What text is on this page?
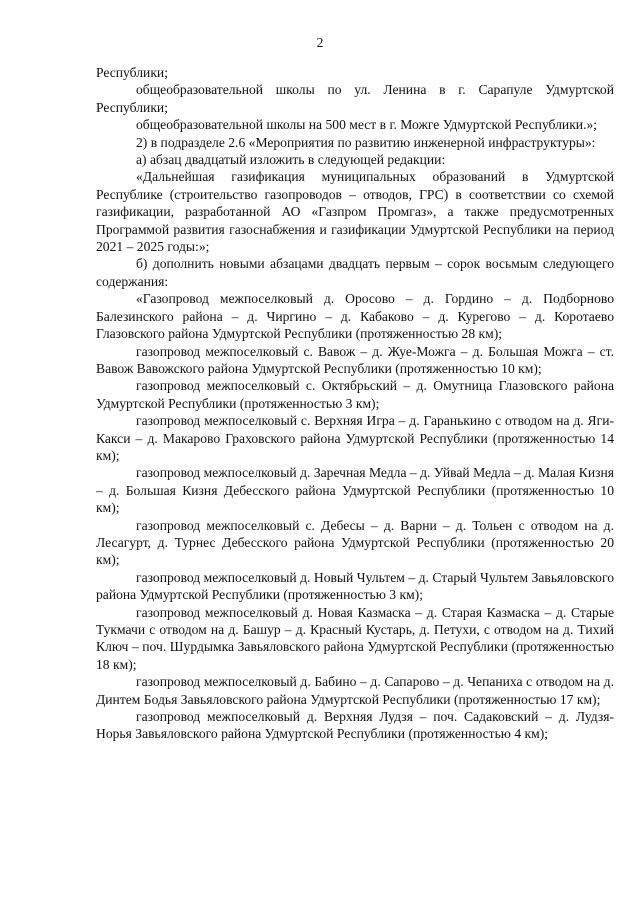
2

Республики;

общеобразовательной школы по ул. Ленина в г. Сарапуле Удмуртской Республики;

общеобразовательной школы на 500 мест в г. Можге Удмуртской Республики.»;

2) в подразделе 2.6 «Мероприятия по развитию инженерной инфраструктуры»:

а) абзац двадцатый изложить в следующей редакции:

«Дальнейшая газификация муниципальных образований в Удмуртской Республике (строительство газопроводов – отводов, ГРС) в соответствии со схемой газификации, разработанной АО «Газпром Промгаз», а также предусмотренных Программой развития газоснабжения и газификации Удмуртской Республики на период 2021 – 2025 годы:»;

б) дополнить новыми абзацами двадцать первым – сорок восьмым следующего содержания:

«Газопровод межпоселковый д. Оросово – д. Гордино – д. Подборново Балезинского района – д. Чиргино – д. Кабаково – д. Курегово – д. Коротаево Глазовского района Удмуртской Республики (протяженностью 28 км);

газопровод межпоселковый с. Вавож – д. Жуе-Можга – д. Большая Можга – ст. Вавож Вавожского района Удмуртской Республики (протяженностью 10 км);

газопровод межпоселковый с. Октябрьский – д. Омутница Глазовского района Удмуртской Республики (протяженностью 3 км);

газопровод межпоселковый с. Верхняя Игра – д. Гаранькино с отводом на д. Яги-Какси – д. Макарово Граховского района Удмуртской Республики (протяженностью 14 км);

газопровод межпоселковый д. Заречная Медла – д. Уйвай Медла – д. Малая Кизня – д. Большая Кизня Дебесского района Удмуртской Республики (протяженностью 10 км);

газопровод межпоселковый с. Дебесы – д. Варни – д. Тольен с отводом на д. Лесагурт, д. Турнес Дебесского района Удмуртской Республики (протяженностью 20 км);

газопровод межпоселковый д. Новый Чультем – д. Старый Чультем Завьяловского района Удмуртской Республики (протяженностью 3 км);

газопровод межпоселковый д. Новая Казмаска – д. Старая Казмаска – д. Старые Тукмачи с отводом на д. Башур – д. Красный Кустарь, д. Петухи, с отводом на д. Тихий Ключ – поч. Шурдымка Завьяловского района Удмуртской Республики (протяженностью 18 км);

газопровод межпоселковый д. Бабино – д. Сапарово – д. Чепаниха с отводом на д. Динтем Бодья Завьяловского района Удмуртской Республики (протяженностью 17 км);

газопровод межпоселковый д. Верхняя Лудзя – поч. Садаковский – д. Лудзя-Норья Завьяловского района Удмуртской Республики (протяженностью 4 км);
